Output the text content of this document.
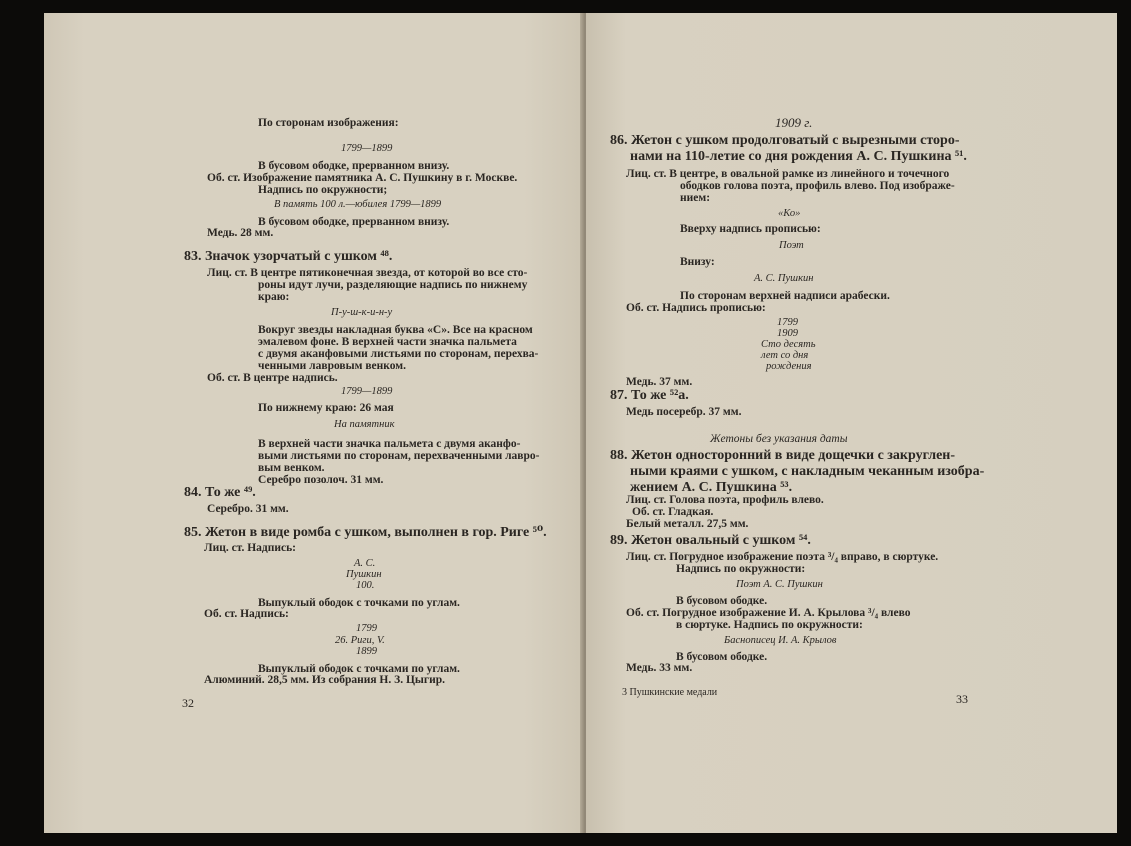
По сторонам изображения:
1799—1899
В бусовом ободке, прерванном внизу.
Об. ст. Изображение памятника А. С. Пушкину в г. Москве.
Надпись по окружности;
В память 100 л.—юбилея 1799—1899
В бусовом ободке, прерванном внизу.
Медь. 28 мм.
83. Значок узорчатый с ушком ⁴⁸.
Лиц. ст. В центре пятиконечная звезда, от которой во все сто-
роны идут лучи, разделяющие надпись по нижнему
краю:
П-у-ш-к-и-н-у
Вокруг звезды накладная буква «С». Все на красном
эмалевом фоне. В верхней части значка пальмета
с двумя аканфовыми листьями по сторонам, перехва-
ченными лавровым венком.
Об. ст. В центре надпись.
1799—1899
По нижнему краю: 26 мая
На памятник
В верхней части значка пальмета с двумя аканфо-
выми листьями по сторонам, перехваченными лавро-
вым венком.
Серебро позолоч. 31 мм.
84. То же ⁴⁹.
Серебро. 31 мм.
85. Жетон в виде ромба с ушком, выполнен в гор. Риге ⁵⁰.
Лиц. ст. Надпись:
А. С.
Пушкин
100.
Выпуклый ободок с точками по углам.
Об. ст. Надпись:
1799
26. Риги, V.
1899
Выпуклый ободок с точками по углам.
Алюминий. 28,5 мм. Из собрания Н. З. Цыгир.
32
1909 г.
86. Жетон с ушком продолговатый с вырезными сторо-
нами на 110-летие со дня рождения А. С. Пушкина ⁵¹.
Лиц. ст. В центре, в овальной рамке из линейного и точечного
ободков голова поэта, профиль влево. Под изображе-
нием:
«Ко»
Вверху надпись прописью:
Поэт
Внизу:
А. С. Пушкин
По сторонам верхней надписи арабески.
Об. ст. Надпись прописью:
1799
1909
Сто десять
лет со дня
рождения
Медь. 37 мм.
87. То же ⁵²а.
Медь посеребр. 37 мм.
Жетоны без указания даты
88. Жетон односторонний в виде дощечки с закруглен-
ными краями с ушком, с накладным чеканным изобра-
жением А. С. Пушкина ⁵³.
Лиц. ст. Голова поэта, профиль влево.
Об. ст. Гладкая.
Белый металл. 27,5 мм.
89. Жетон овальный с ушком ⁵⁴.
Лиц. ст. Погрудное изображение поэта ³/₄ вправо, в сюртуке.
Надпись по окружности:
Поэт А. С. Пушкин
В бусовом ободке.
Об. ст. Погрудное изображение И. А. Крылова ³/₄ влево
в сюртуке. Надпись по окружности:
Баснописец И. А. Крылов
В бусовом ободке.
Медь. 33 мм.
3 Пушкинские медали	33
